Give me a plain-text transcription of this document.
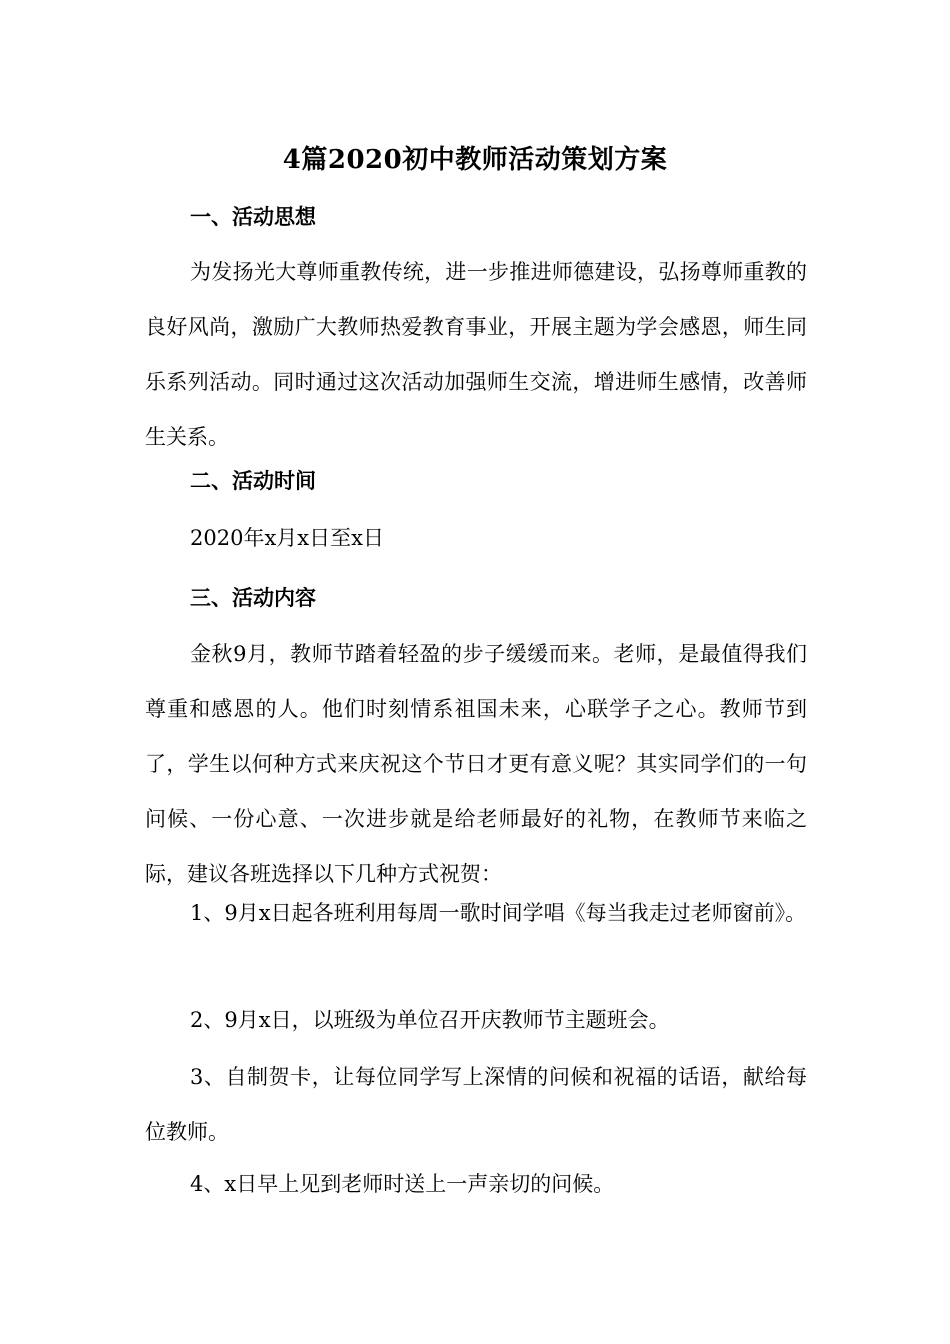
4篇2020初中教师活动策划方案
一、活动思想

为发扬光大尊师重教传统，进一步推进师德建设，弘扬尊师重教的良好风尚，激励广大教师热爱教育事业，开展主题为学会感恩，师生同乐系列活动。同时通过这次活动加强师生交流，增进师生感情，改善师生关系。

二、活动时间

2020年x月x日至x日

三、活动内容

金秋9月，教师节踏着轻盈的步子缓缓而来。老师，是最值得我们尊重和感恩的人。他们时刻情系祖国未来，心联学子之心。教师节到了，学生以何种方式来庆祝这个节日才更有意义呢？其实同学们的一句问候、一份心意、一次进步就是给老师最好的礼物，在教师节来临之际，建议各班选择以下几种方式祝贺：

1、9月x日起各班利用每周一歌时间学唱《每当我走过老师窗前》。

2、9月x日，以班级为单位召开庆教师节主题班会。

3、自制贺卡，让每位同学写上深情的问候和祝福的话语，献给每位教师。

4、x日早上见到老师时送上一声亲切的问候。
